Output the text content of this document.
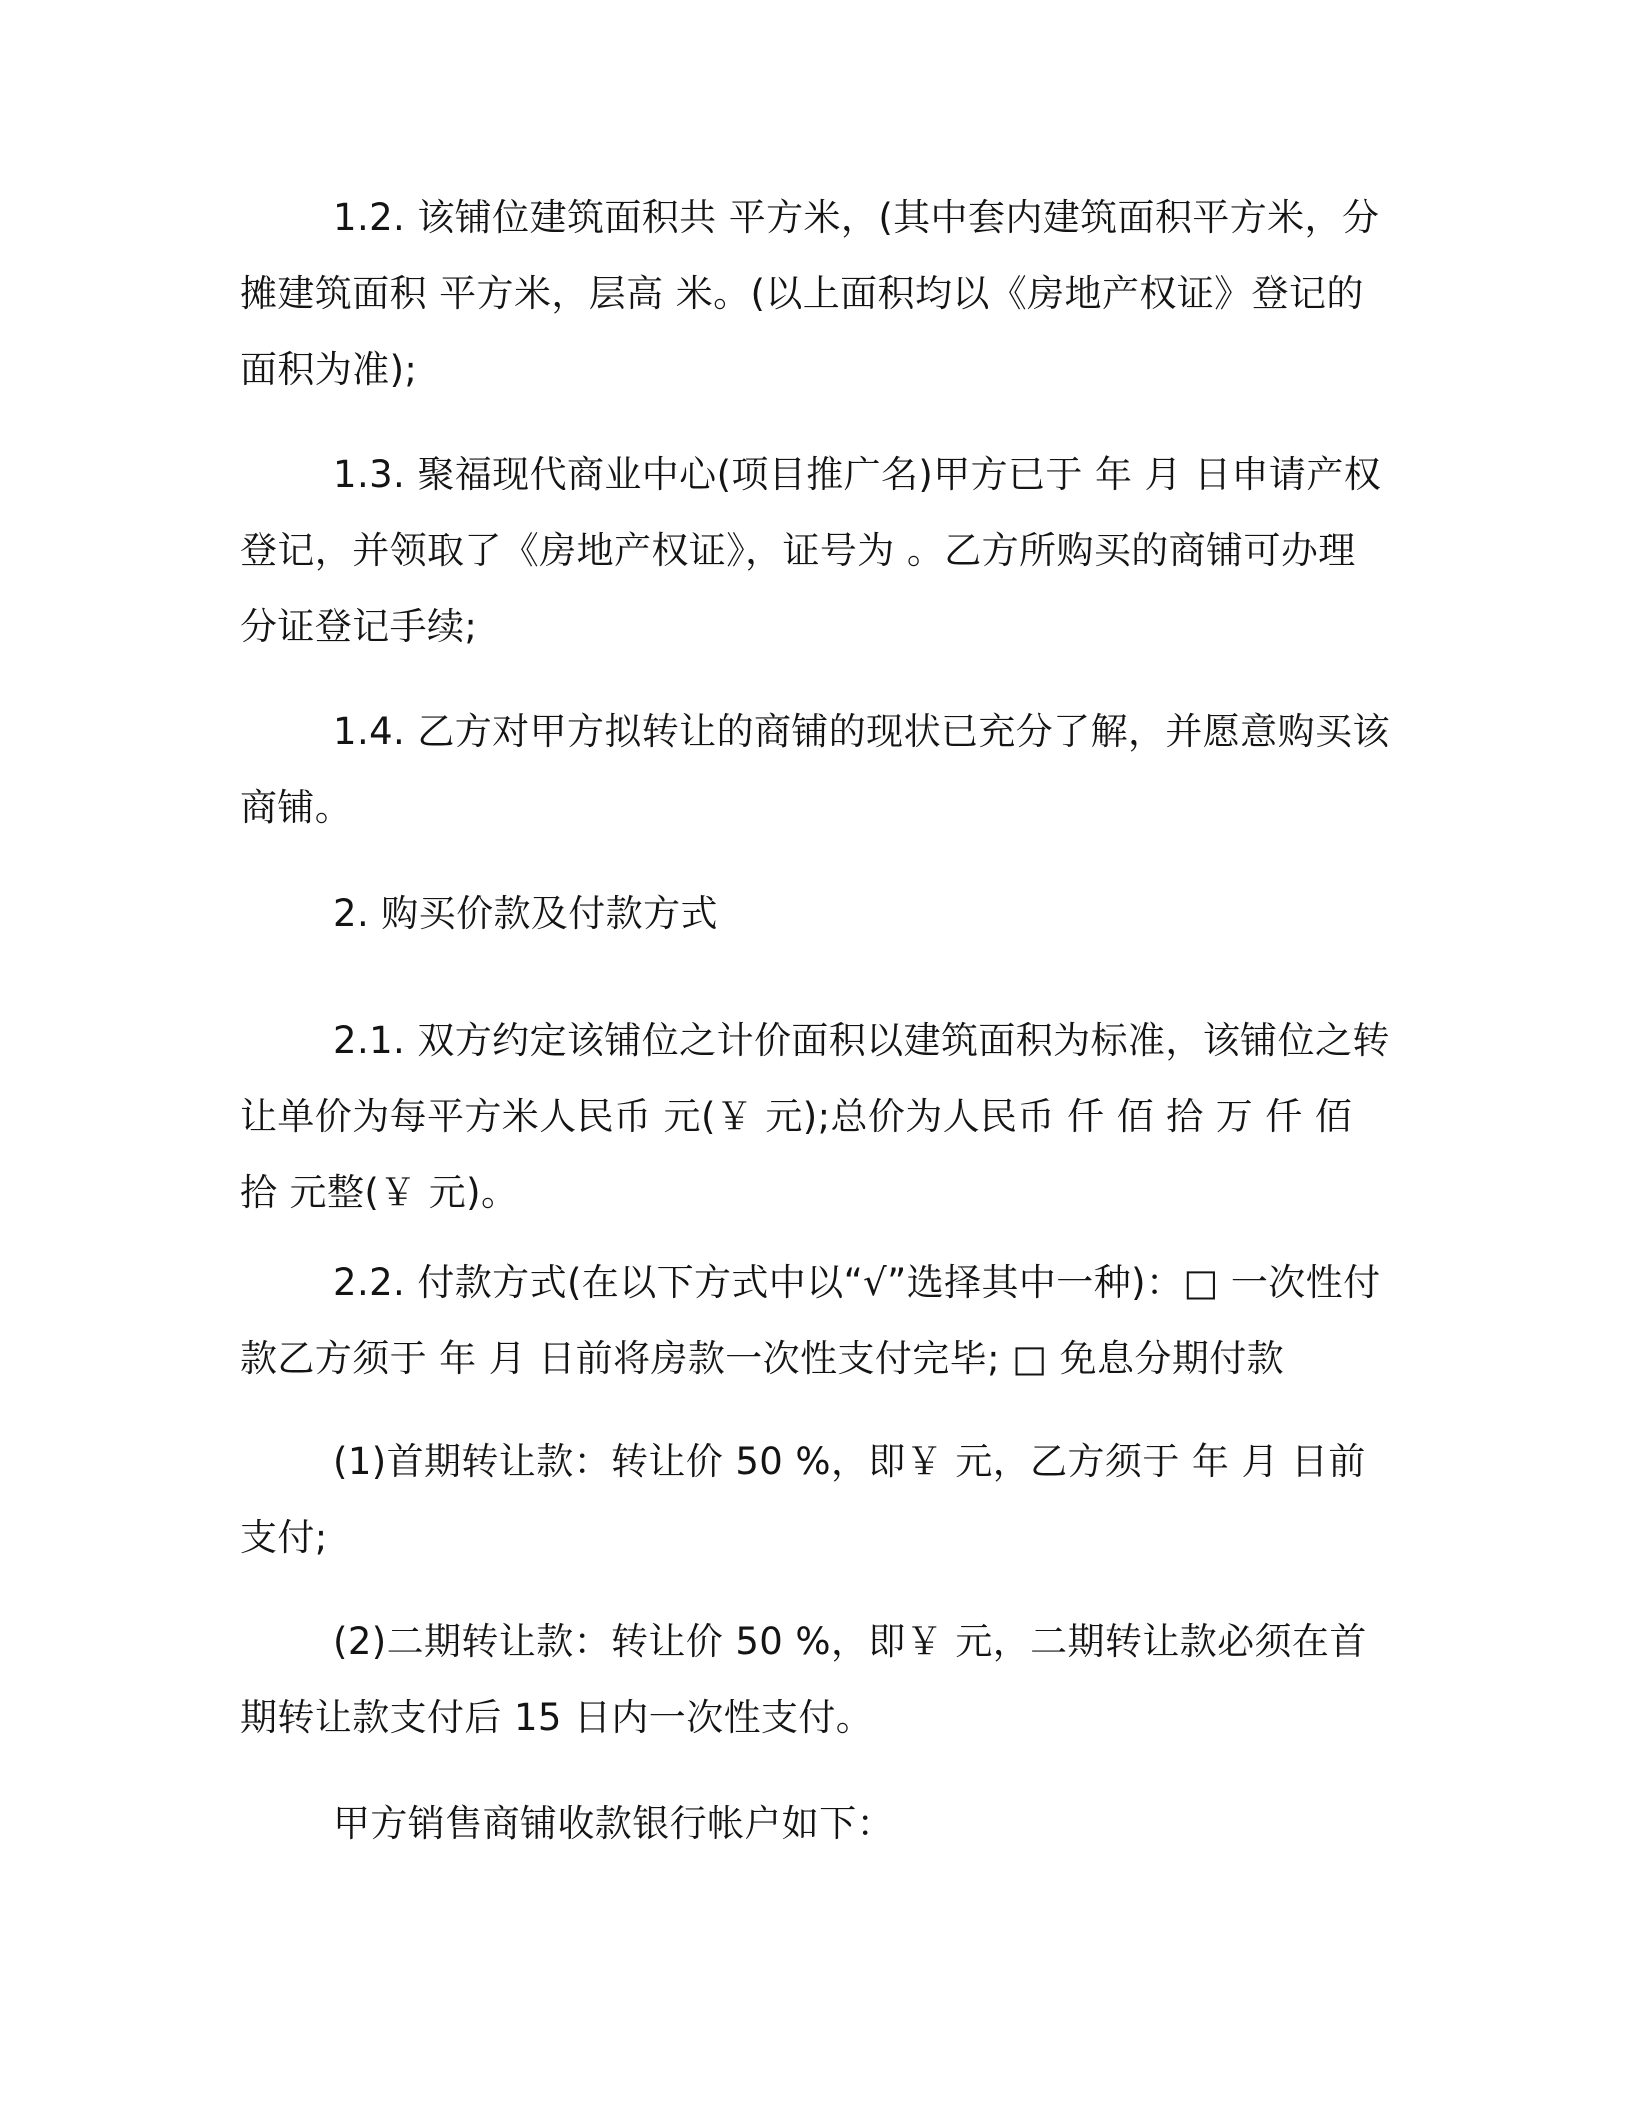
1.2. 该铺位建筑面积共 平方米，(其中套内建筑面积平方米，分摊建筑面积 平方米，层高 米。(以上面积均以《房地产权证》登记的面积为准);
1.3. 聚福现代商业中心(项目推广名)甲方已于 年 月 日申请产权登记，并领取了《房地产权证》，证号为 。乙方所购买的商铺可办理分证登记手续;
1.4. 乙方对甲方拟转让的商铺的现状已充分了解，并愿意购买该商铺。
2. 购买价款及付款方式
2.1. 双方约定该铺位之计价面积以建筑面积为标准，该铺位之转让单价为每平方米人民币 元(￥ 元);总价为人民币 仟 佰 拾 万 仟 佰 拾 元整(￥ 元)。
2.2. 付款方式(在以下方式中以“√”选择其中一种)：□ 一次性付款乙方须于 年 月 日前将房款一次性支付完毕; □ 免息分期付款
(1)首期转让款：转让价 50 %，即￥ 元，乙方须于 年 月 日前支付;
(2)二期转让款：转让价 50 %，即￥ 元，二期转让款必须在首期转让款支付后 15 日内一次性支付。
甲方销售商铺收款银行帐户如下：
